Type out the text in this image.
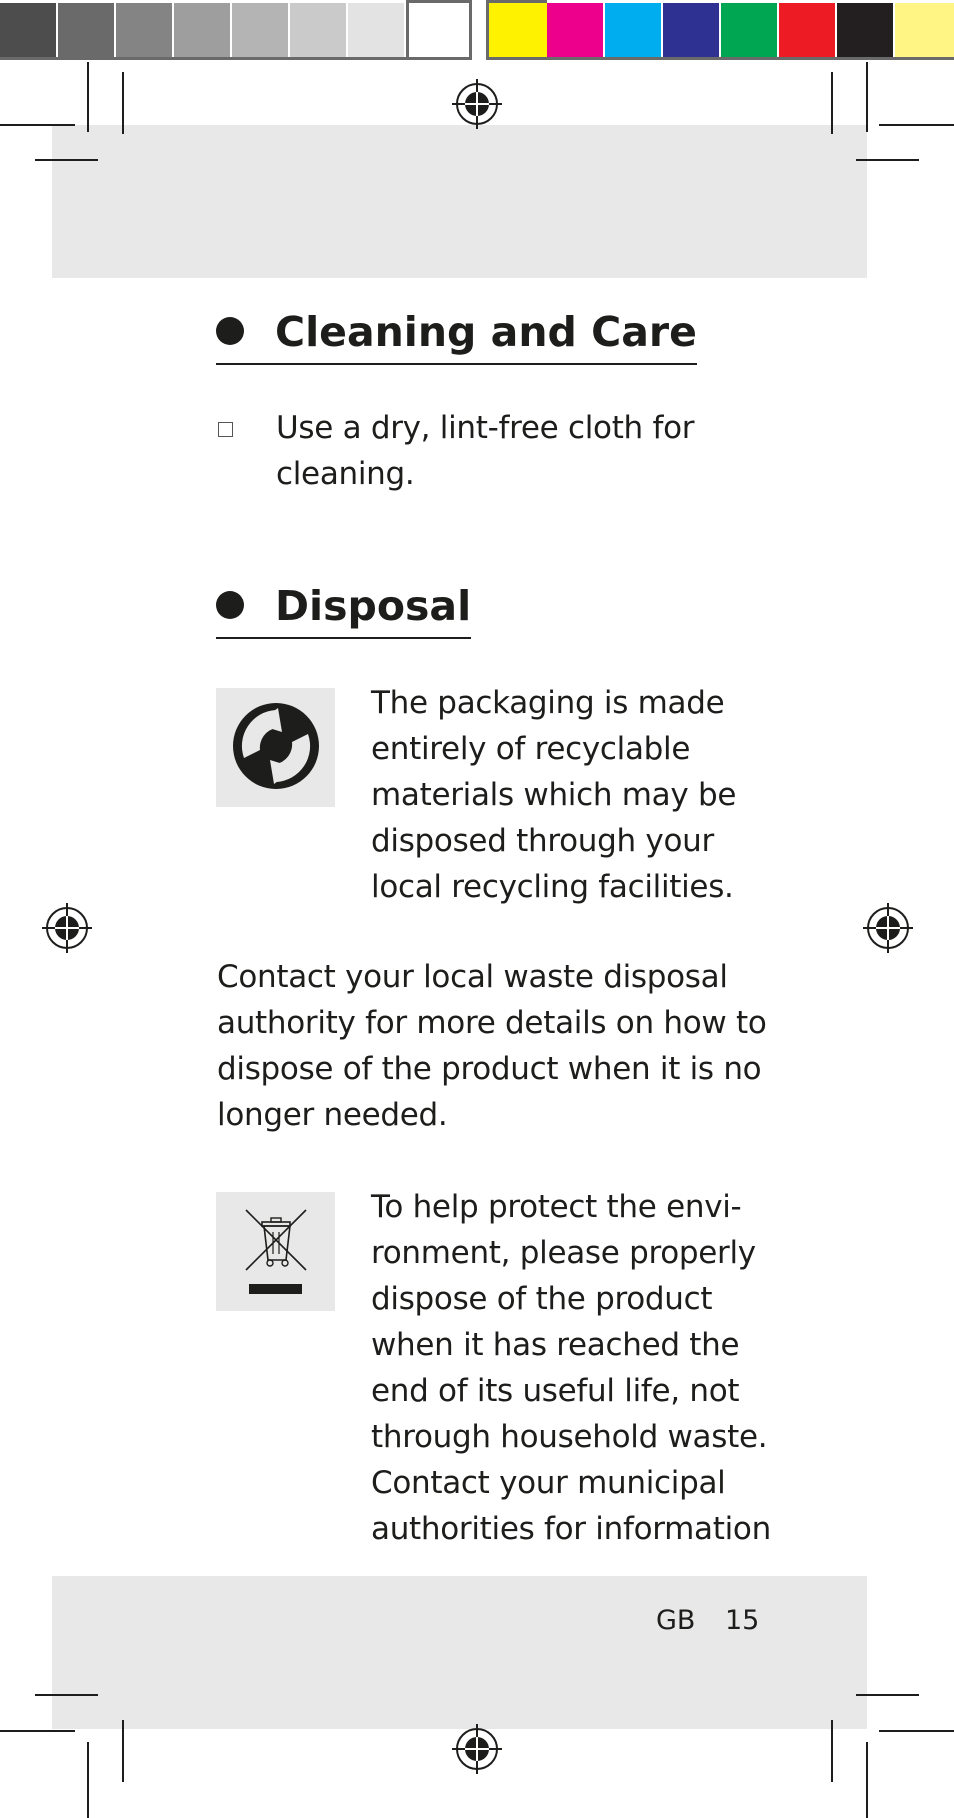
Cleaning and Care
Use a dry, lint-free cloth for
cleaning.
Disposal
The packaging is made
entirely of recyclable
materials which may be
disposed through your
local recycling facilities.
Contact your local waste disposal
authority for more details on how to
dispose of the product when it is no
longer needed.
To help protect the envi-
ronment, please properly
dispose of the product
when it has reached the
end of its useful life, not
through household waste.
Contact your municipal
authorities for information
GB 15
